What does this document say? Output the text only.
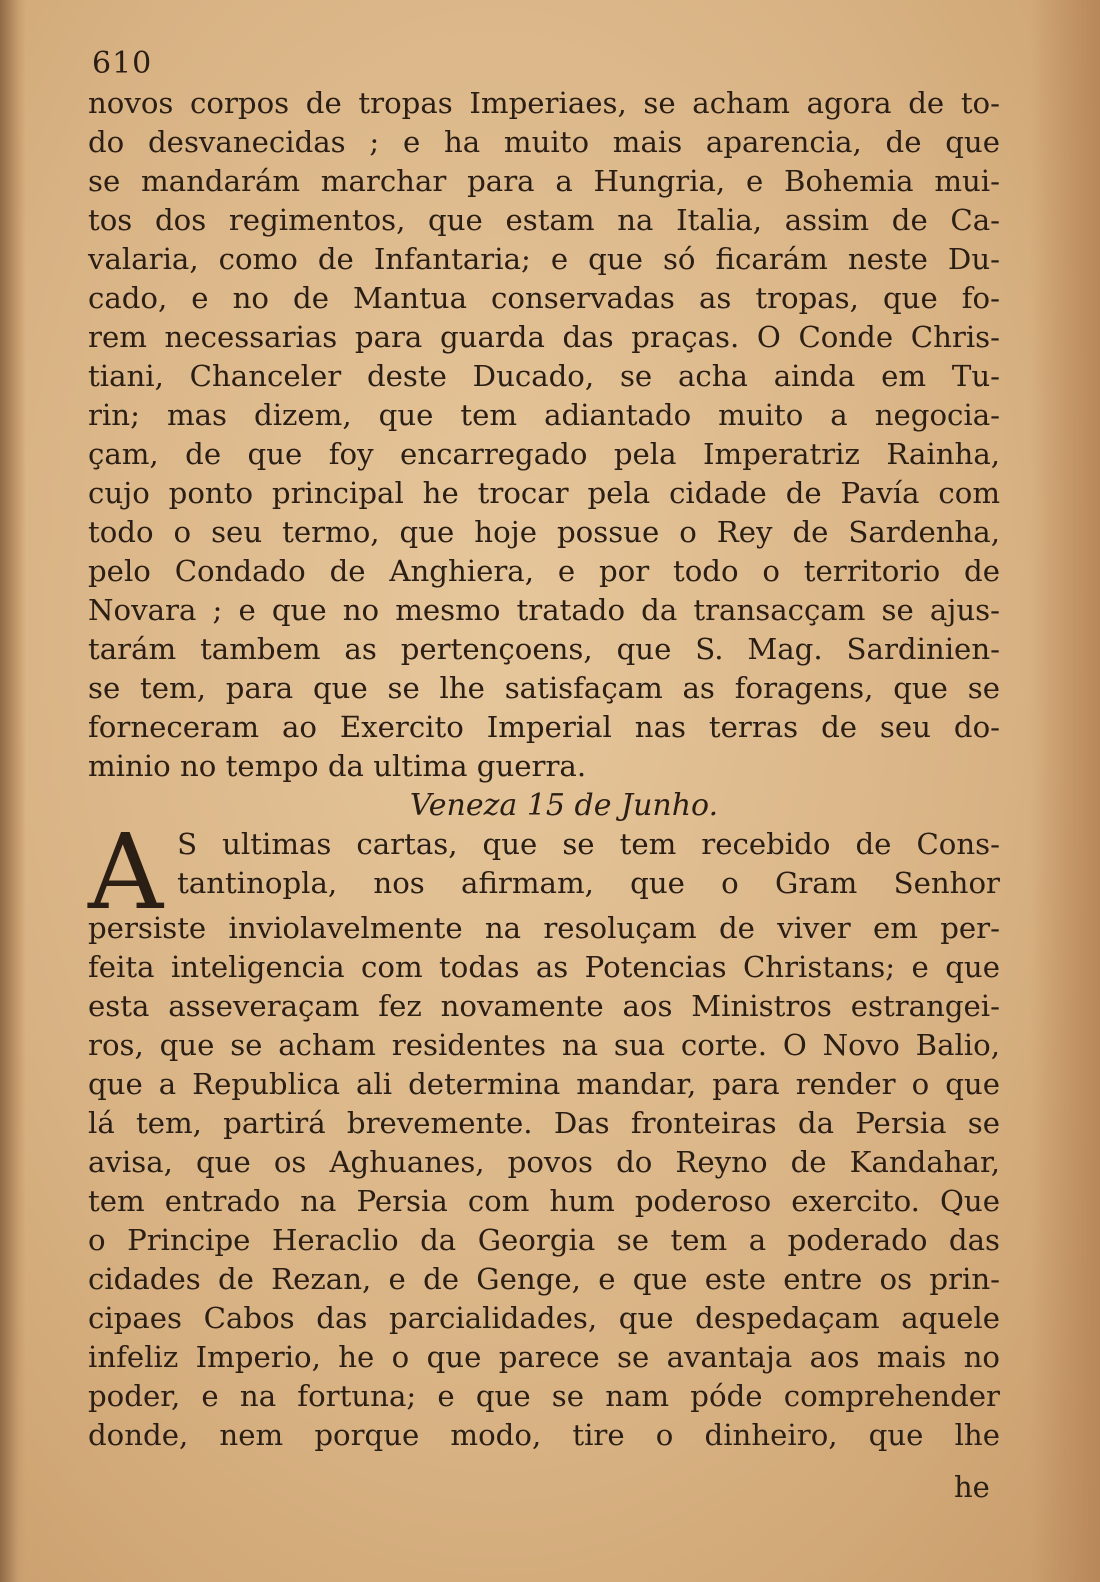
610
novos corpos de tropas Imperiaes, se acham agora de to-
do desvanecidas ; e ha muito mais aparencia, de que
se mandarám marchar para a Hungria, e Bohemia mui-
tos dos regimentos, que estam na Italia, assim de Ca-
valaria, como de Infantaria; e que só ficarám neste Du-
cado, e no de Mantua conservadas as tropas, que fo-
rem necessarias para guarda das praças. O Conde Chris-
tiani, Chanceler deste Ducado, se acha ainda em Tu-
rin; mas dizem, que tem adiantado muito a negocia-
çam, de que foy encarregado pela Imperatriz Rainha,
cujo ponto principal he trocar pela cidade de Pavía com
todo o seu termo, que hoje possue o Rey de Sardenha,
pelo Condado de Anghiera, e por todo o territorio de
Novara ; e que no mesmo tratado da transacçam se ajus-
tarám tambem as pertençoens, que S. Mag. Sardinien-
se tem, para que se lhe satisfaçam as foragens, que se
forneceram ao Exercito Imperial nas terras de seu do-
minio no tempo da ultima guerra.
Veneza 15 de Junho.
A S ultimas cartas, que se tem recebido de Cons-
tantinopla, nos afirmam, que o Gram Senhor
persiste inviolavelmente na resoluçam de viver em per-
feita inteligencia com todas as Potencias Christans; e que
esta asseveraçam fez novamente aos Ministros estrangei-
ros, que se acham residentes na sua corte. O Novo Balio,
que a Republica ali determina mandar, para render o que
lá tem, partirá brevemente. Das fronteiras da Persia se
avisa, que os Aghuanes, povos do Reyno de Kandahar,
tem entrado na Persia com hum poderoso exercito. Que
o Principe Heraclio da Georgia se tem a poderado das
cidades de Rezan, e de Genge, e que este entre os prin-
cipaes Cabos das parcialidades, que despedaçam aquele
infeliz Imperio, he o que parece se avantaja aos mais no
poder, e na fortuna; e que se nam póde comprehender
donde, nem porque modo, tire o dinheiro, que lhe
he
